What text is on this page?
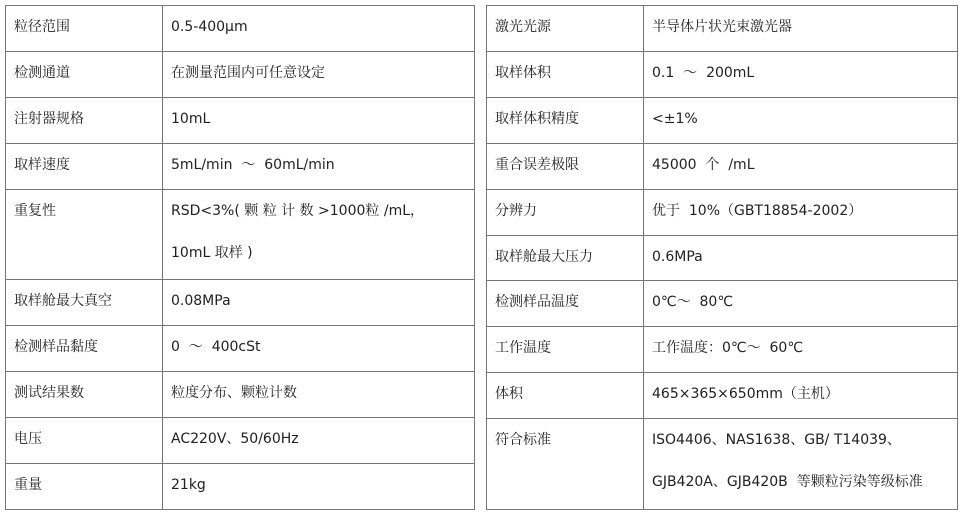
粒径范围	0.5-400μm

检测通道	在测量范围内可任意设定

注射器规格	10mL

取样速度	5mL/min  ～  60mL/min

重复性	RSD<3%( 颗 粒 计 数 >1000粒 /mL，
10mL 取样 )

取样舱最大真空	0.08MPa

检测样品黏度	0  ～  400cSt

测试结果数	粒度分布、颗粒计数

电压	AC220V、50/60Hz

重量	21kg
激光光源	半导体片状光束激光器

取样体积	0.1  ～  200mL

取样体积精度	<±1%

重合误差极限	45000  个  /mL

分辨力	优于  10%（GBT18854-2002）

取样舱最大压力	0.6MPa

检测样品温度	0℃～  80℃

工作温度	工作温度：0℃～  60℃

体积	465×365×650mm（主机）

符合标准	ISO4406、NAS1638、GB/ T14039、
GJB420A、GJB420B  等颗粒污染等级标准
